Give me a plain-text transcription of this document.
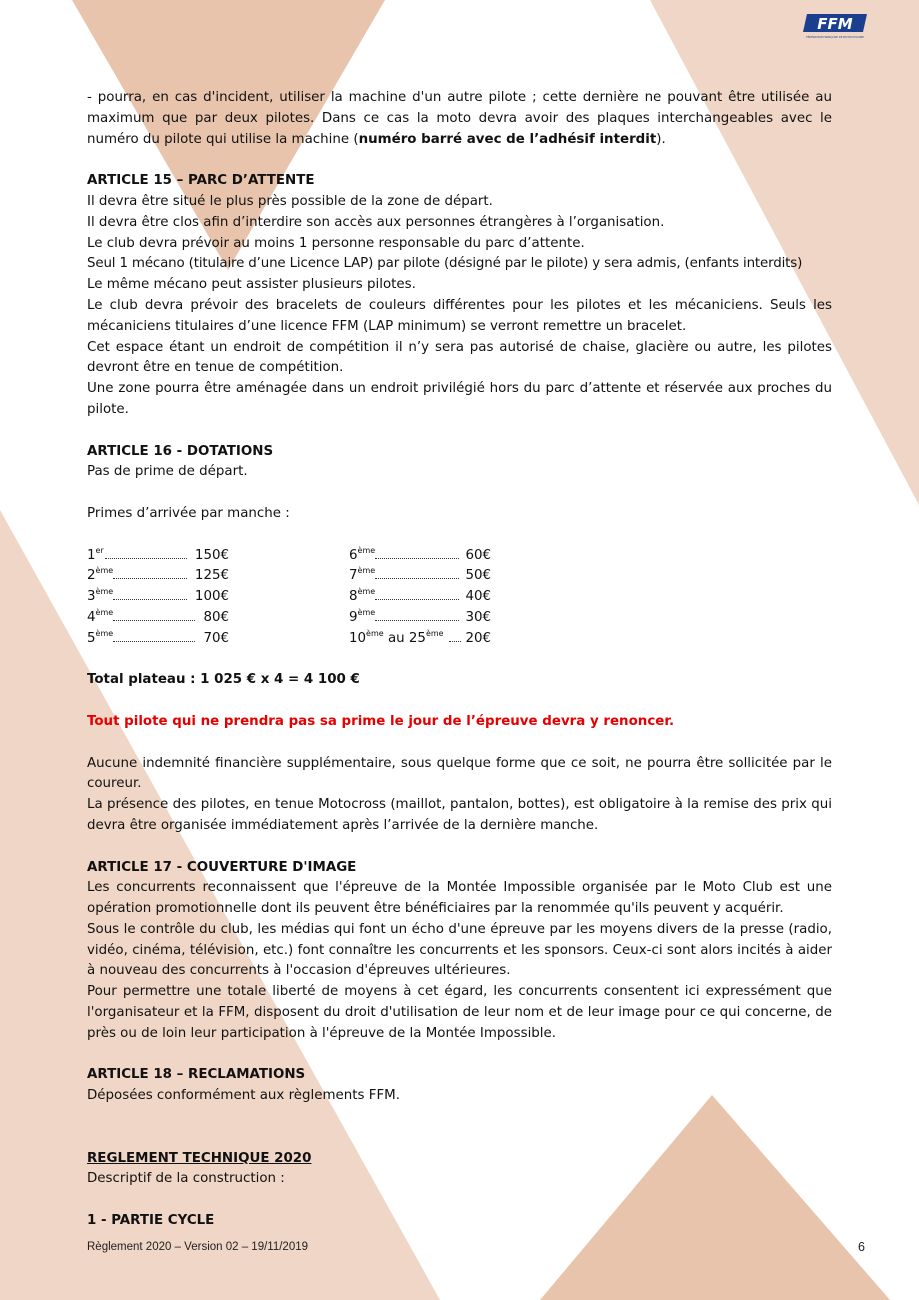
FFM
FÉDÉRATION FRANÇAISE DE MOTOCYCLISME

- pourra, en cas d'incident, utiliser la machine d'un autre pilote ; cette dernière ne pouvant être utilisée au maximum que par deux pilotes. Dans ce cas la moto devra avoir des plaques interchangeables avec le numéro du pilote qui utilise la machine (numéro barré avec de l’adhésif interdit).

ARTICLE 15 – PARC D’ATTENTE

Il devra être situé le plus près possible de la zone de départ.

Il devra être clos afin d’interdire son accès aux personnes étrangères à l’organisation.

Le club devra prévoir au moins 1 personne responsable du parc d’attente.

Seul 1 mécano (titulaire d’une Licence LAP) par pilote (désigné par le pilote) y sera admis, (enfants interdits)

Le même mécano peut assister plusieurs pilotes.

Le club devra prévoir des bracelets de couleurs différentes pour les pilotes et les mécaniciens. Seuls les mécaniciens titulaires d’une licence FFM (LAP minimum) se verront remettre un bracelet.

Cet espace étant un endroit de compétition il n’y sera pas autorisé de chaise, glacière ou autre, les pilotes devront être en tenue de compétition.

Une zone pourra être aménagée dans un endroit privilégié hors du parc d’attente et réservée aux proches du pilote.

ARTICLE 16 - DOTATIONS

Pas de prime de départ.

Primes d’arrivée par manche :

1er	150€
2ème	125€
3ème	100€
4ème	80€
5ème	70€
6ème	60€
7ème	50€
8ème	40€
9ème	30€
10ème au 25ème 20€

Total plateau : 1 025 € x 4 = 4 100 €

Tout pilote qui ne prendra pas sa prime le jour de l’épreuve devra y renoncer.

Aucune indemnité financière supplémentaire, sous quelque forme que ce soit, ne pourra être sollicitée par le coureur.

La présence des pilotes, en tenue Motocross (maillot, pantalon, bottes), est obligatoire à la remise des prix qui devra être organisée immédiatement après l’arrivée de la dernière manche.

ARTICLE 17 - COUVERTURE D'IMAGE

Les concurrents reconnaissent que l'épreuve de la Montée Impossible organisée par le Moto Club est une opération promotionnelle dont ils peuvent être bénéficiaires par la renommée qu'ils peuvent y acquérir.

Sous le contrôle du club, les médias qui font un écho d'une épreuve par les moyens divers de la presse (radio, vidéo, cinéma, télévision, etc.) font connaître les concurrents et les sponsors. Ceux-ci sont alors incités à aider à nouveau des concurrents à l'occasion d'épreuves ultérieures.

Pour permettre une totale liberté de moyens à cet égard, les concurrents consentent ici expressément que l'organisateur et la FFM, disposent du droit d'utilisation de leur nom et de leur image pour ce qui concerne, de près ou de loin leur participation à l'épreuve de la Montée Impossible.

ARTICLE 18 – RECLAMATIONS

Déposées conformément aux règlements FFM.

REGLEMENT TECHNIQUE 2020

Descriptif de la construction :

1 - PARTIE CYCLE

Règlement 2020 – Version 02 – 19/11/2019	6
